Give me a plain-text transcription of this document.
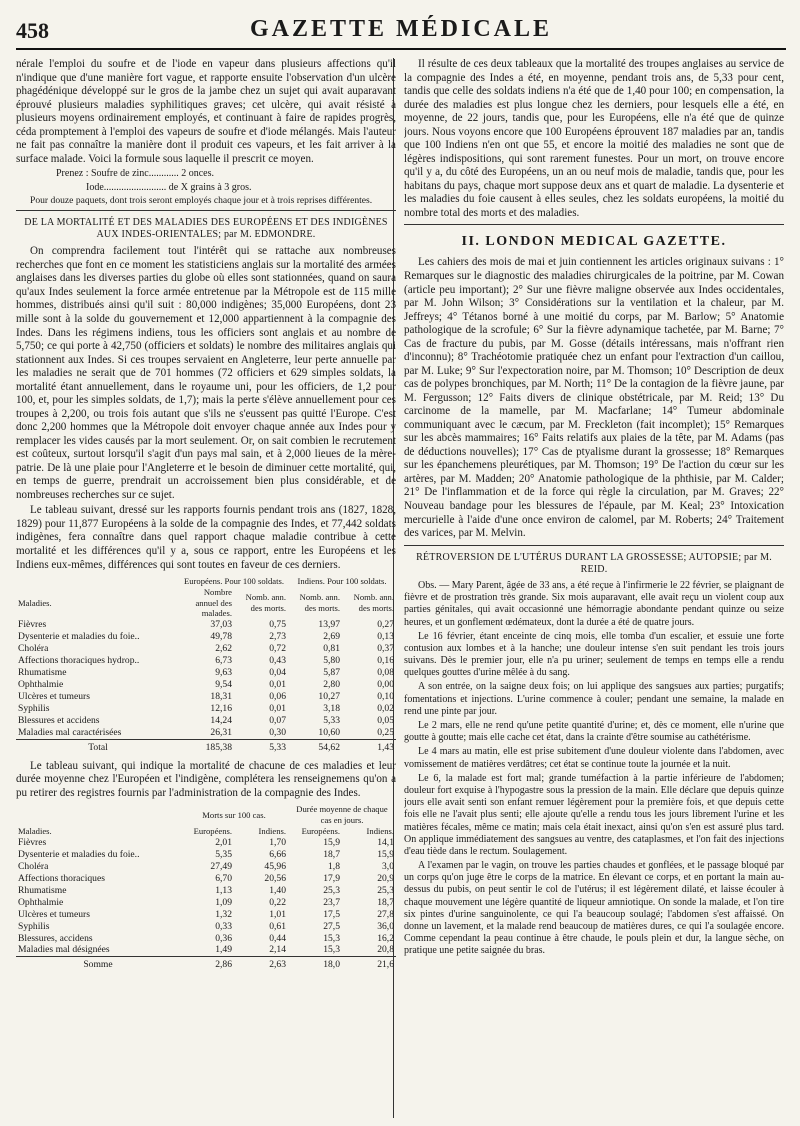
458	GAZETTE MÉDICALE

nérale l'emploi du soufre et de l'iode en vapeur dans plusieurs affections qu'il n'indique que d'une manière fort vague, et rapporte ensuite l'observation d'un ulcère phagédénique développé sur le gros de la jambe chez un sujet qui avait auparavant éprouvé plusieurs maladies syphilitiques graves; cet ulcère, qui avait résisté à plusieurs moyens ordinairement employés, et continuant à faire de rapides progrès, céda promptement à l'emploi des vapeurs de soufre et d'iode mélangés. Mais l'auteur ne fait pas connaître la manière dont il produit ces vapeurs, et les fait arriver à la surface malade. Voici la formule sous laquelle il prescrit ce moyen.

Prenez : Soufre de zinc............ 2 onces.

Iode......................... de X grains à 3 gros.

Pour douze paquets, dont trois seront employés chaque jour et à trois reprises différentes.

DE LA MORTALITÉ ET DES MALADIES DES EUROPÉENS ET DES INDIGÈNES AUX INDES-ORIENTALES; par M. EDMONDRE.

On comprendra facilement tout l'intérêt qui se rattache aux nombreuses recherches que font en ce moment les statisticiens anglais sur la mortalité des armées anglaises dans les diverses parties du globe où elles sont stationnées, quand on saura qu'aux Indes seulement la force armée entretenue par la Métropole est de 115 mille hommes, distribués ainsi qu'il suit : 80,000 indigènes; 35,000 Européens, dont 23 mille sont à la solde du gouvernement et 12,000 appartiennent à la compagnie des Indes. Dans les régimens indiens, tous les officiers sont anglais et au nombre de 5,750; ce qui porte à 42,750 (officiers et soldats) le nombre des militaires anglais qui stationnent aux Indes. Si ces troupes servaient en Angleterre, leur perte annuelle par les maladies ne serait que de 701 hommes (72 officiers et 629 simples soldats, la mortalité étant annuellement, dans le royaume uni, pour les officiers, de 1,2 pour 100, et, pour les simples soldats, de 1,7); mais la perte s'élève annuellement pour ces troupes à 2,200, ou trois fois autant que s'ils ne s'eussent pas quitté l'Europe. C'est donc 2,200 hommes que la Métropole doit envoyer chaque année aux Indes pour y remplacer les vides causés par la mort seulement. Or, on sait combien le recrutement est coûteux, surtout lorsqu'il s'agit d'un pays mal sain, et à 2,000 lieues de la mère-patrie. De là une plaie pour l'Angleterre et le besoin de diminuer cette mortalité, qui, en temps de guerre, prendrait un accroissement bien plus considérable, et de nombreuses recherches sur ce sujet.

Le tableau suivant, dressé sur les rapports fournis pendant trois ans (1827, 1828, 1829) pour 11,877 Européens à la solde de la compagnie des Indes, et 77,442 soldats indigènes, fera connaître dans quel rapport chaque maladie contribue à cette mortalité et les différences qu'il y a, sous ce rapport, entre les Européens et les Indiens eux-mêmes, différences qui sont toutes en faveur de ces derniers.

	Européens. Pour 100 soldats.		Indiens. Pour 100 soldats.	
Maladies.	Nombre annuel des malades.	Nomb. ann. des morts.	Nomb. ann. des morts.	Nomb. ann. des morts.
Fièvres	37,03	0,75	13,97	0,27
Dysenterie et maladies du foie..	49,78	2,73	2,69	0,13
Choléra	2,62	0,72	0,81	0,37
Affections thoraciques hydrop..	6,73	0,43	5,80	0,16
Rhumatisme	9,63	0,04	5,87	0,08
Ophthalmie	9,54	0,01	2,80	0,00
Ulcères et tumeurs	18,31	0,06	10,27	0,10
Syphilis	12,16	0,01	3,18	0,02
Blessures et accidens	14,24	0,07	5,33	0,05
Maladies mal caractérisées	26,31	0,30	10,60	0,25
Total	185,38	5,33	54,62	1,43

Le tableau suivant, qui indique la mortalité de chacune de ces maladies et leur durée moyenne chez l'Européen et l'indigène, complétera les renseignemens qu'on a pu retirer des registres fournis par l'administration de la compagnie des Indes.

	Morts sur 100 cas.		Durée moyenne de chaque cas en jours.	
Maladies.	Européens.	Indiens.	Européens.	Indiens.
Fièvres	2,01	1,70	15,9	14,1
Dysenterie et maladies du foie..	5,35	6,66	18,7	15,9
Choléra	27,49	45,96	1,8	3,0
Affections thoraciques	6,70	20,56	17,9	20,9
Rhumatisme	1,13	1,40	25,3	25,3
Ophthalmie	1,09	0,22	23,7	18,7
Ulcères et tumeurs	1,32	1,01	17,5	27,8
Syphilis	0,33	0,61	27,5	36,0
Blessures, accidens	0,36	0,44	15,3	16,2
Maladies mal désignées	1,49	2,14	15,3	20,8
Somme	2,86	2,63	18,0	21,6

Il résulte de ces deux tableaux que la mortalité des troupes anglaises au service de la compagnie des Indes a été, en moyenne, pendant trois ans, de 5,33 pour cent, tandis que celle des soldats indiens n'a été que de 1,40 pour 100; en compensation, la durée des maladies est plus longue chez les derniers, pour lesquels elle a été, en moyenne, de 22 jours, tandis que, pour les Européens, elle n'a été que de quinze jours. Nous voyons encore que 100 Européens éprouvent 187 maladies par an, tandis que 100 Indiens n'en ont que 55, et encore la moitié des maladies ne sont que de légères indispositions, qui sont rarement funestes. Pour un mort, on trouve encore qu'il y a, du côté des Européens, un an ou neuf mois de maladie, tandis que, pour les habitans du pays, chaque mort suppose deux ans et quart de maladie. La dysenterie et les maladies du foie causent à elles seules, chez les soldats européens, la moitié du nombre total des morts et des maladies.

II. LONDON MEDICAL GAZETTE.

Les cahiers des mois de mai et juin contiennent les articles originaux suivans : 1° Remarques sur le diagnostic des maladies chirurgicales de la poitrine, par M. Cowan (article peu important); 2° Sur une fièvre maligne observée aux Indes occidentales, par M. John Wilson; 3° Considérations sur la ventilation et la chaleur, par M. Jeffreys; 4° Tétanos borné à une moitié du corps, par M. Barlow; 5° Anatomie pathologique de la scrofule; 6° Sur la fièvre adynamique tachetée, par M. Barne; 7° Cas de fracture du pubis, par M. Gosse (détails intéressans, mais n'offrant rien d'inconnu); 8° Trachéotomie pratiquée chez un enfant pour l'extraction d'un caillou, par M. Luke; 9° Sur l'expectoration noire, par M. Thomson; 10° Description de deux cas de polypes bronchiques, par M. North; 11° De la contagion de la fièvre jaune, par M. Fergusson; 12° Faits divers de clinique obstétricale, par M. Reid; 13° Du carcinome de la mamelle, par M. Macfarlane; 14° Tumeur abdominale communiquant avec le cæcum, par M. Freckleton (fait incomplet); 15° Remarques sur les abcès mammaires; 16° Faits relatifs aux plaies de la tête, par M. Adams (pas de déductions nouvelles); 17° Cas de ptyalisme durant la grossesse; 18° Remarques sur les épanchemens pleurétiques, par M. Thomson; 19° De l'action du cœur sur les artères, par M. Madden; 20° Anatomie pathologique de la phthisie, par M. Calder; 21° De l'inflammation et de la force qui règle la circulation, par M. Graves; 22° Nouveau bandage pour les blessures de l'épaule, par M. Keal; 23° Intoxication mercurielle à l'aide d'une once environ de calomel, par M. Roberts; 24° Traitement des varices, par M. Melvin.

RÉTROVERSION DE L'UTÉRUS DURANT LA GROSSESSE; AUTOPSIE; par M. REID.

Obs. — Mary Parent, âgée de 33 ans, a été reçue à l'infirmerie le 22 février, se plaignant de fièvre et de prostration très grande. Six mois auparavant, elle avait reçu un violent coup aux parties génitales, qui avait occasionné une hémorragie abondante pendant quinze ou seize heures, et un gonflement œdémateux, dont la durée a été de quatre jours.

Le 16 février, étant enceinte de cinq mois, elle tomba d'un escalier, et essuie une forte contusion aux lombes et à la hanche; une douleur intense s'en suit pendant les trois jours suivans. Dès le premier jour, elle n'a pu uriner; seulement de temps en temps elle a rendu quelques gouttes d'urine mêlée à du sang.

A son entrée, on la saigne deux fois; on lui applique des sangsues aux parties; purgatifs; fomentations et injections. L'urine commence à couler; pendant une semaine, la malade en rend une pinte par jour.

Le 2 mars, elle ne rend qu'une petite quantité d'urine; et, dès ce moment, elle n'urine que goutte à goutte; mais elle cache cet état, dans la crainte d'être soumise au cathétérisme.

Le 4 mars au matin, elle est prise subitement d'une douleur violente dans l'abdomen, avec vomissement de matières verdâtres; cet état se continue toute la journée et la nuit.

Le 6, la malade est fort mal; grande tuméfaction à la partie inférieure de l'abdomen; douleur fort exquise à l'hypogastre sous la pression de la main. Elle déclare que depuis quinze jours elle avait senti son enfant remuer légèrement pour la première fois, et que depuis cette fois elle ne l'avait plus senti; elle ajoute qu'elle a rendu tous les jours librement l'urine et les matières fécales, même ce matin; mais cela était inexact, ainsi qu'on s'en est assuré plus tard. On applique immédiatement des sangsues au ventre, des cataplasmes, et l'on fait des injections d'eau tiède dans le rectum. Soulagement.

A l'examen par le vagin, on trouve les parties chaudes et gonflées, et le passage bloqué par un corps qu'on juge être le corps de la matrice. En élevant ce corps, et en portant la main au-dessus du pubis, on peut sentir le col de l'utérus; il est légèrement dilaté, et laisse écouler à chaque mouvement une légère quantité de liqueur amniotique. On sonde la malade, et l'on tire six pintes d'urine sanguinolente, ce qui l'a beaucoup soulagé; l'abdomen s'est affaissé. On donne un lavement, et la malade rend beaucoup de matières dures, ce qui l'a soulagée encore. Comme cependant la peau continue à être chaude, le pouls plein et dur, la langue sèche, on pratique une petite saignée du bras.
